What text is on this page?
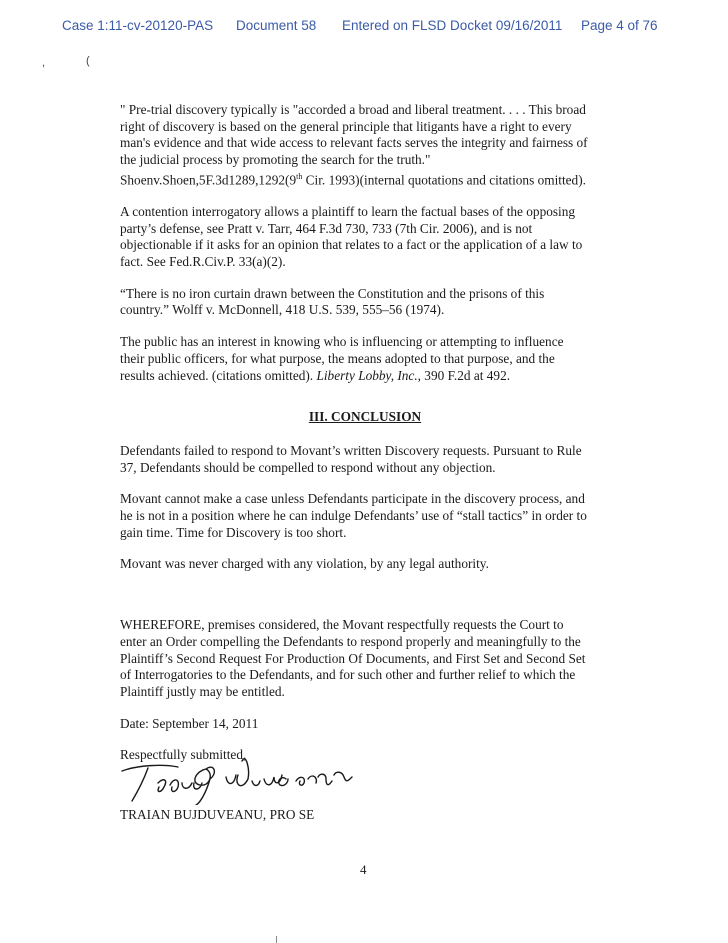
Case 1:11-cv-20120-PAS Document 58 Entered on FLSD Docket 09/16/2011 Page 4 of 76
,	(

" Pre-trial discovery typically is "accorded a broad and liberal treatment. . . . This broad right of discovery is based on the general principle that litigants have a right to every man's evidence and that wide access to relevant facts serves the integrity and fairness of the judicial process by promoting the search for the truth." Shoenv.Shoen,5F.3d1289,1292(9th Cir. 1993)(internal quotations and citations omitted).

A contention interrogatory allows a plaintiff to learn the factual bases of the opposing party’s defense, see Pratt v. Tarr, 464 F.3d 730, 733 (7th Cir. 2006), and is not objectionable if it asks for an opinion that relates to a fact or the application of a law to fact. See Fed.R.Civ.P. 33(a)(2).

“There is no iron curtain drawn between the Constitution and the prisons of this country.” Wolff v. McDonnell, 418 U.S. 539, 555–56 (1974).

The public has an interest in knowing who is influencing or attempting to influence their public officers, for what purpose, the means adopted to that purpose, and the results achieved. (citations omitted). Liberty Lobby, Inc., 390 F.2d at 492.

III. CONCLUSION

Defendants failed to respond to Movant’s written Discovery requests. Pursuant to Rule 37, Defendants should be compelled to respond without any objection.

Movant cannot make a case unless Defendants participate in the discovery process, and he is not in a position where he can indulge Defendants’ use of “stall tactics” in order to gain time. Time for Discovery is too short.

Movant was never charged with any violation, by any legal authority.

WHEREFORE, premises considered, the Movant respectfully requests the Court to enter an Order compelling the Defendants to respond properly and meaningfully to the Plaintiff’s Second Request For Production Of Documents, and First Set and Second Set of Interrogatories to the Defendants, and for such other and further relief to which the Plaintiff justly may be entitled.

Date: September 14, 2011

Respectfully submitted,

TRAIAN BUJDUVEANU, PRO SE

4
